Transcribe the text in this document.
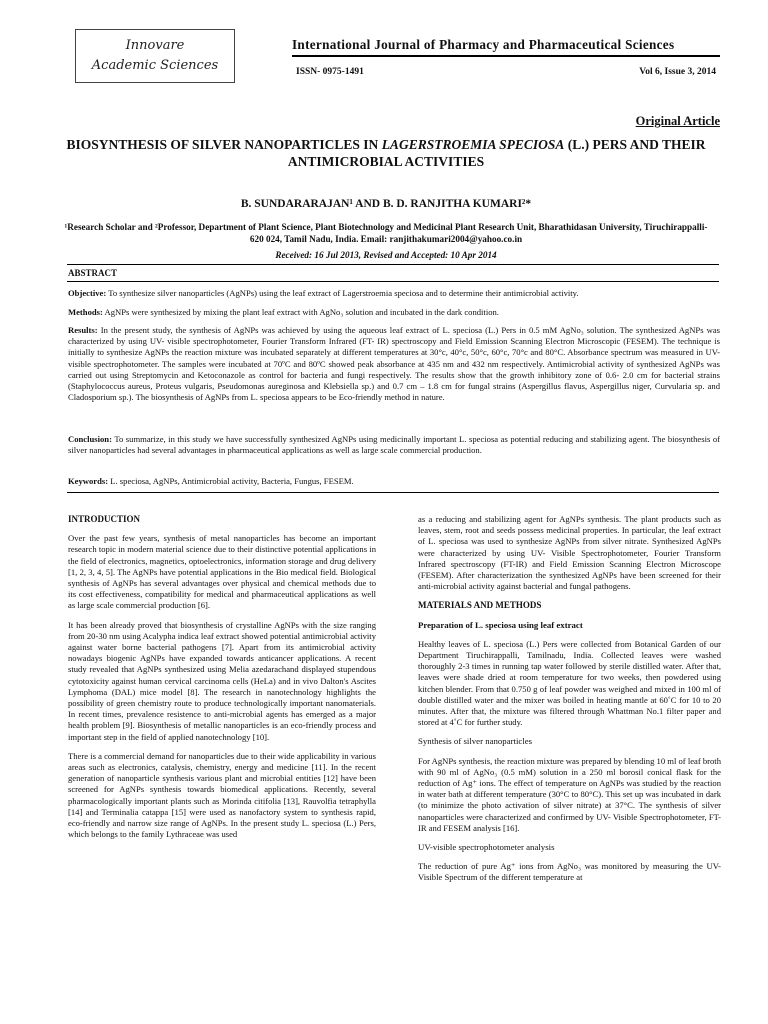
Innovare
Academic Sciences
International Journal of Pharmacy and Pharmaceutical Sciences
ISSN- 0975-1491	Vol 6, Issue 3, 2014
Original Article
BIOSYNTHESIS OF SILVER NANOPARTICLES IN LAGERSTROEMIA SPECIOSA (L.) PERS AND THEIR ANTIMICROBIAL ACTIVITIES
B. SUNDARARAJAN¹ AND B. D. RANJITHA KUMARI²*
¹Research Scholar and ²Professor, Department of Plant Science, Plant Biotechnology and Medicinal Plant Research Unit, Bharathidasan University, Tiruchirappalli-620 024, Tamil Nadu, India. Email: ranjithakumari2004@yahoo.co.in
Received: 16 Jul 2013, Revised and Accepted: 10 Apr 2014
ABSTRACT

Objective: To synthesize silver nanoparticles (AgNPs) using the leaf extract of Lagerstroemia speciosa and to determine their antimicrobial activity.

Methods: AgNPs were synthesized by mixing the plant leaf extract with AgNo₃ solution and incubated in the dark condition.

Results: In the present study, the synthesis of AgNPs was achieved by using the aqueous leaf extract of L. speciosa (L.) Pers in 0.5 mM AgNo₃ solution. The synthesized AgNPs was characterized by using UV- visible spectrophotometer, Fourier Transform Infrared (FT- IR) spectroscopy and Field Emission Scanning Electron Microscopic (FESEM). The technique is initially to synthesize AgNPs the reaction mixture was incubated separately at different temperatures at 30°c, 40°c, 50°c, 60°c, 70°c and 80°C. Absorbance spectrum was measured in UV-visible spectrophotometer. The samples were incubated at 70ºC and 80ºC showed peak absorbance at 435 nm and 432 nm respectively. Antimicrobial activity of synthesized AgNPs was carried out using Streptomycin and Ketoconazole as control for bacteria and fungi respectively. The results show that the growth inhibitory zone of 0.6- 2.0 cm for bacterial strains (Staphylococcus aureus, Proteus vulgaris, Pseudomonas aureginosa and Klebsiella sp.) and 0.7 cm – 1.8 cm for fungal strains (Aspergillus flavus, Aspergillus niger, Curvularia sp. and Cladosporium sp.). The biosynthesis of AgNPs from L. speciosa appears to be Eco-friendly method in nature.

Conclusion: To summarize, in this study we have successfully synthesized AgNPs using medicinally important L. speciosa as potential reducing and stabilizing agent. The biosynthesis of silver nanoparticles had several advantages in pharmaceutical applications as well as large scale commercial production.

Keywords: L. speciosa, AgNPs, Antimicrobial activity, Bacteria, Fungus, FESEM.

INTRODUCTION

Over the past few years, synthesis of metal nanoparticles has become an important research topic in modern material science due to their distinctive potential applications in the field of electronics, magnetics, optoelectronics, information storage and drug delivery [1, 2, 3, 4, 5]. The AgNPs have potential applications in the Bio medical field. Biological synthesis of AgNPs has several advantages over physical and chemical methods due to its cost effectiveness, compatibility for medical and pharmaceutical applications as well as large scale commercial production [6].

It has been already proved that biosynthesis of crystalline AgNPs with the size ranging from 20-30 nm using Acalypha indica leaf extract showed potential antimicrobial activity against water borne bacterial pathogens [7]. Apart from its antimicrobial activity nowadays biogenic AgNPs have expanded towards anticancer applications. A recent study revealed that AgNPs synthesized using Melia azedarachand displayed stupendous cytotoxicity against human cervical carcinoma cells (HeLa) and in vivo Dalton's Ascites Lymphoma (DAL) mice model [8]. The research in nanotechnology highlights the possibility of green chemistry route to produce technologically important nanomaterials. In recent times, prevalence resistence to anti-microbial agents has emerged as a major health problem [9]. Biosynthesis of metallic nanoparticles is an eco-friendly process and important step in the field of applied nanotechnology [10].

There is a commercial demand for nanoparticles due to their wide applicability in various areas such as electronics, catalysis, chemistry, energy and medicine [11]. In the recent generation of nanoparticle synthesis various plant and microbial entities [12] have been screened for AgNPs synthesis towards biomedical applications. Recently, several pharmacologically important plants such as Morinda citifolia [13], Rauvolfia tetraphylla [14] and Terminalia catappa [15] were used as nanofactory system to synthesis rapid, eco-friendly and narrow size range of AgNPs. In the present study L. speciosa (L.) Pers, which belongs to the family Lythraceae was used

as a reducing and stabilizing agent for AgNPs synthesis. The plant products such as leaves, stem, root and seeds possess medicinal properties. In particular, the leaf extract of L. speciosa was used to synthesize AgNPs from silver nitrate. Synthesized AgNPs were characterized by using UV- Visible Spectrophotometer, Fourier Transform Infrared spectroscopy (FT-IR) and Field Emission Scanning Electron Microscope (FESEM). After characterization the synthesized AgNPs have been screened for their anti-microbial activity against bacterial and fungal pathogens.

MATERIALS AND METHODS
Preparation of L. speciosa using leaf extract

Healthy leaves of L. speciosa (L.) Pers were collected from Botanical Garden of our Department Tiruchirappalli, Tamilnadu, India. Collected leaves were washed thoroughly 2-3 times in running tap water followed by sterile distilled water. After that, leaves were shade dried at room temperature for two weeks, then powdered using kitchen blender. From that 0.750 g of leaf powder was weighed and mixed in 100 ml of double distilled water and the mixer was boiled in heating mantle at 60˚C for 10 to 20 minutes. After that, the mixture was filtered through Whattman No.1 filter paper and stored at 4˚C for further study.

Synthesis of silver nanoparticles

For AgNPs synthesis, the reaction mixture was prepared by blending 10 ml of leaf broth with 90 ml of AgNo₃ (0.5 mM) solution in a 250 ml borosil conical flask for the reduction of Ag⁺ ions. The effect of temperature on AgNPs was studied by the reaction in water bath at different temperature (30°C to 80°C). This set up was incubated in dark (to minimize the photo activation of silver nitrate) at 37°C. The synthesis of silver nanoparticles were characterized and confirmed by UV- Visible Spectrophotometer, FT-IR and FESEM analysis [16].

UV-visible spectrophotometer analysis

The reduction of pure Ag⁺ ions from AgNo₃ was monitored by measuring the UV-Visible Spectrum of the different temperature at
